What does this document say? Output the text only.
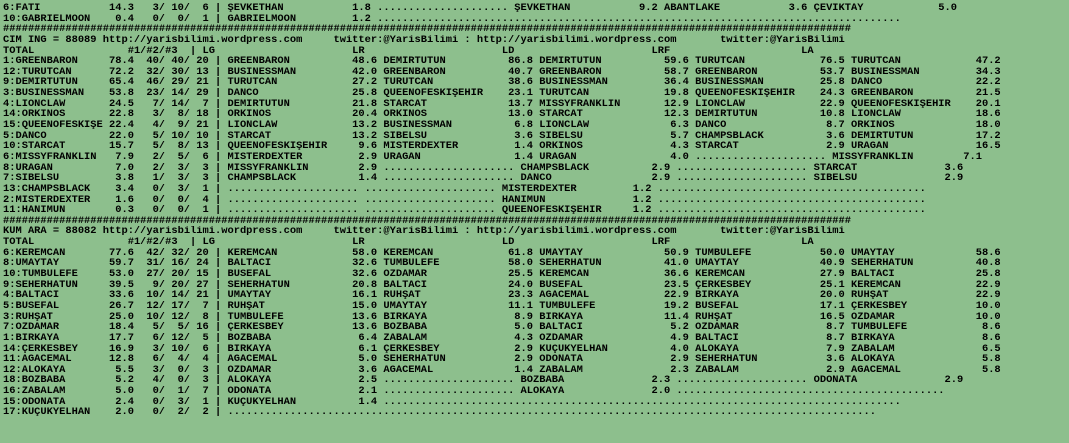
6:FATİ           14.3   3/ 10/  6 | ŞEVKETHAN           1.8 ..................... ŞEVKETHAN           9.2 ABANTLAKE           3.6 ÇEVİKTAY            5.0
10:GABRİELMOON    0.4   0/  0/  1 | GABRİELMOON         1.2 ....................................................................................
########################################################################################################################################
CIM ING = 88089 http://yarisbilimi.wordpress.com     twitter:@YarisBilimi : http://yarisbilimi.wordpress.com       twitter:@YarisBilimi
TOTAL               #1/#2/#3  | LG                      LR                      LD                      LRF                     LA
1:GREENBARON     78.4  40/ 40/ 20 | GREENBARON          48.6 DEMİRTÜTÜN          86.8 DEMİRTÜTÜN          59.6 TÜRÜTCAN            76.5 TÜRÜTCAN            47.2
12:TÜRÜTCAN      72.2  32/ 30/ 13 | BUSINESSMAN         42.0 GREENBARON          40.7 GREENBARON          58.7 GREENBARON          53.7 BUSINESSMAN         34.3
9:DEMİRTÜTÜN     65.4  46/ 29/ 21 | TÜRÜTCAN            27.2 TÜRÜTCAN            38.6 BUSINESSMAN         36.4 BUSINESSMAN         25.8 DANCO               22.2
3:BUSINESSMAN    53.8  23/ 14/ 29 | DANCO               25.8 QUEENOFESKİŞEHİR    23.1 TÜRÜTCAN            19.8 QUEENOFESKİŞEHİR    24.3 GREENBARON          21.5
4:LIONCLAW       24.5   7/ 14/  7 | DEMİRTÜTÜN          21.8 STARCAT             13.7 MISSYFRANKLIN       12.9 LIONCLAW            22.9 QUEENOFESKİŞEHİR    20.1
14:ORKİNOS       22.8   3/  8/ 18 | ORKİNOS             20.4 ORKİNOS             13.0 STARCAT             12.3 DEMİRTÜTÜN          10.8 LIONCLAW            18.6
15:QUEENOFESKİŞE 22.4   4/  9/ 21 | LIONCLAW            13.2 BUSINESSMAN          6.8 LIONCLAW             6.3 DANCO                8.7 ORKİNOS             18.0
5:DANCO          22.0   5/ 10/ 10 | STARCAT             13.2 SİBELSU              3.6 SİBELSU              5.7 CHAMPSBLACK          3.6 DEMİRTÜTÜN          17.2
10:STARCAT       15.7   5/  8/ 13 | QUEENOFESKİŞEHİR     9.6 MISTERDEXTER         1.4 ORKİNOS              4.3 STARCAT              2.9 URAGAN              16.5
6:MISSYFRANKLIN   7.9   2/  5/  6 | MISTERDEXTER         2.9 URAGAN               1.4 URAGAN               4.0 ..................... MISSYFRANKLIN        7.1
8:URAGAN          7.0   2/  3/  3 | MISSYFRANKLIN        2.9 ..................... CHAMPSBLACK          2.9 ..................... STARCAT              3.6
7:SİBELSU         3.8   1/  3/  3 | CHAMPSBLACK          1.4 ..................... DANCO                2.9 ..................... SİBELSU              2.9
13:CHAMPSBLACK    3.4   0/  3/  1 | ..................... ..................... MISTERDEXTER         1.2 ...........................................
2:MISTERDEXTER    1.6   0/  0/  4 | ..................... ..................... HANİMUN              1.2 ...........................................
11:HANİMUN        0.3   0/  0/  1 | ..................... ..................... QUEENOFESKİŞEHİR     1.2 ...........................................
########################################################################################################################################
KUM ARA = 88082 http://yarisbilimi.wordpress.com     twitter:@YarisBilimi : http://yarisbilimi.wordpress.com       twitter:@YarisBilimi
TOTAL               #1/#2/#3  | LG                      LR                      LD                      LRF                     LA
6:KEREMCAN       77.6  42/ 32/ 20 | KEREMCAN            58.0 KEREMCAN            61.8 UMAYTAY             50.9 TUMBULEFE           50.0 UMAYTAY             58.6
8:UMAYTAY        59.7  31/ 16/ 24 | BALTACI             32.6 TUMBULEFE           58.0 SEHERHATUN          41.0 UMAYTAY             40.9 SEHERHATUN          40.8
10:TUMBULEFE     53.0  27/ 20/ 15 | BUSEFAL             32.6 ÖZDAMAR             25.5 KEREMCAN            36.6 KEREMCAN            27.9 BALTACI             25.8
9:SEHERHATUN     39.5   9/ 20/ 27 | SEHERHATUN          20.8 BALTACI             24.0 BUSEFAL             23.5 ÇERKESBEY           25.1 KEREMCAN            22.9
4:BALTACI        33.6  10/ 14/ 21 | UMAYTAY             16.1 RUHŞAT              23.3 AĞACEMAL            22.9 BİRKAYA             20.0 RUHŞAT              22.9
5:BUSEFAL        26.7  12/ 17/  7 | RUHŞAT              15.0 UMAYTAY             11.1 TUMBULEFE           19.2 BUSEFAL             17.1 ÇERKESBEY           10.0
3:RUHŞAT         25.0  10/ 12/  8 | TUMBULEFE           13.6 BİRKAYA              8.9 BİRKAYA             11.4 RUHŞAT              16.5 ÖZDAMAR             10.0
7:ÖZDAMAR        18.4   5/  5/ 16 | ÇERKESBEY           13.6 BOZBABA              5.0 BALTACI              5.2 ÖZDAMAR              8.7 TUMBULEFE            8.6
1:BİRKAYA        17.7   6/ 12/  5 | BOZBABA              6.4 ZABALAM              4.3 ÖZDAMAR              4.9 BALTACI              8.7 BİRKAYA              8.6
14:ÇERKESBEY     16.9   3/ 10/  6 | BİRKAYA              6.1 ÇERKESBEY            2.9 KÜÇÜKYELHAN          4.0 ALOKAYA              7.9 ZABALAM              6.5
11:AĞACEMAL      12.8   6/  4/  4 | AĞACEMAL             5.0 SEHERHATUN           2.9 ODONATA              2.9 SEHERHATUN           3.6 ALOKAYA              5.8
12:ALOKAYA        5.5   3/  0/  3 | ÖZDAMAR              3.6 AĞACEMAL             1.4 ZABALAM              2.3 ZABALAM              2.9 AĞACEMAL             5.8
18:BOZBABA        5.2   4/  0/  3 | ALOKAYA              2.5 ..................... BOZBABA              2.3 ..................... ODONATA              2.9
16:ZABALAM        5.0   0/  1/  7 | ODONATA              2.1 ..................... ALOKAYA              2.0 ...........................................
15:ODONATA        2.4   0/  3/  1 | KÜÇÜKYELHAN          1.4 ...................................................................................
17:KÜÇÜKYELHAN    2.0   0/  2/  2 | ........................................................................................................
